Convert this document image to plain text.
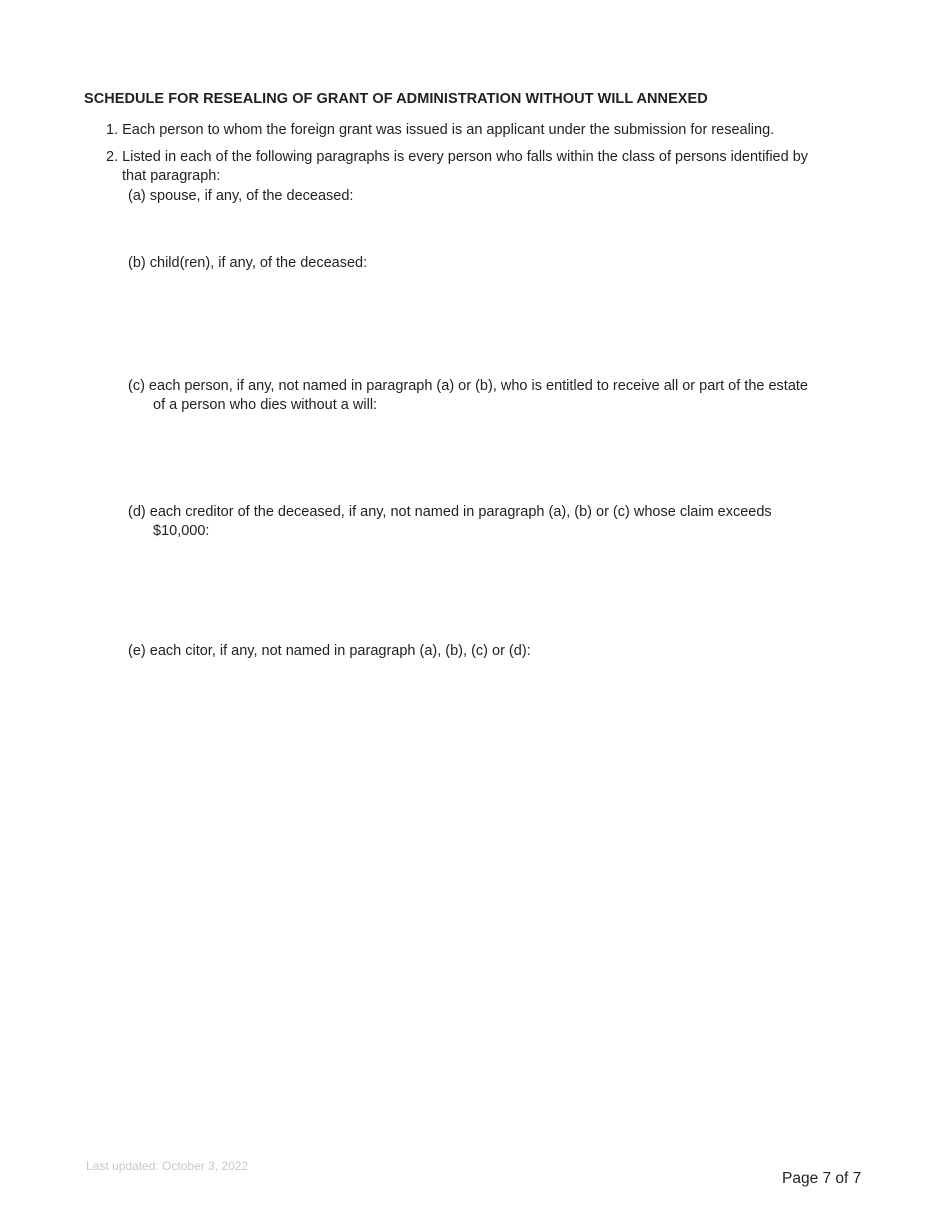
SCHEDULE FOR RESEALING OF GRANT OF ADMINISTRATION WITHOUT WILL ANNEXED
1. Each person to whom the foreign grant was issued is an applicant under the submission for resealing.
2. Listed in each of the following paragraphs is every person who falls within the class of persons identified by
that paragraph:
(a) spouse, if any, of the deceased:
(b) child(ren), if any, of the deceased:
(c) each person, if any, not named in paragraph (a) or (b), who is entitled to receive all or part of the estate
of a person who dies without a will:
(d) each creditor of the deceased, if any, not named in paragraph (a), (b) or (c) whose claim exceeds
$10,000:
(e) each citor, if any, not named in paragraph (a), (b), (c) or (d):
Last updated: October 3, 2022
Page 7 of 7
